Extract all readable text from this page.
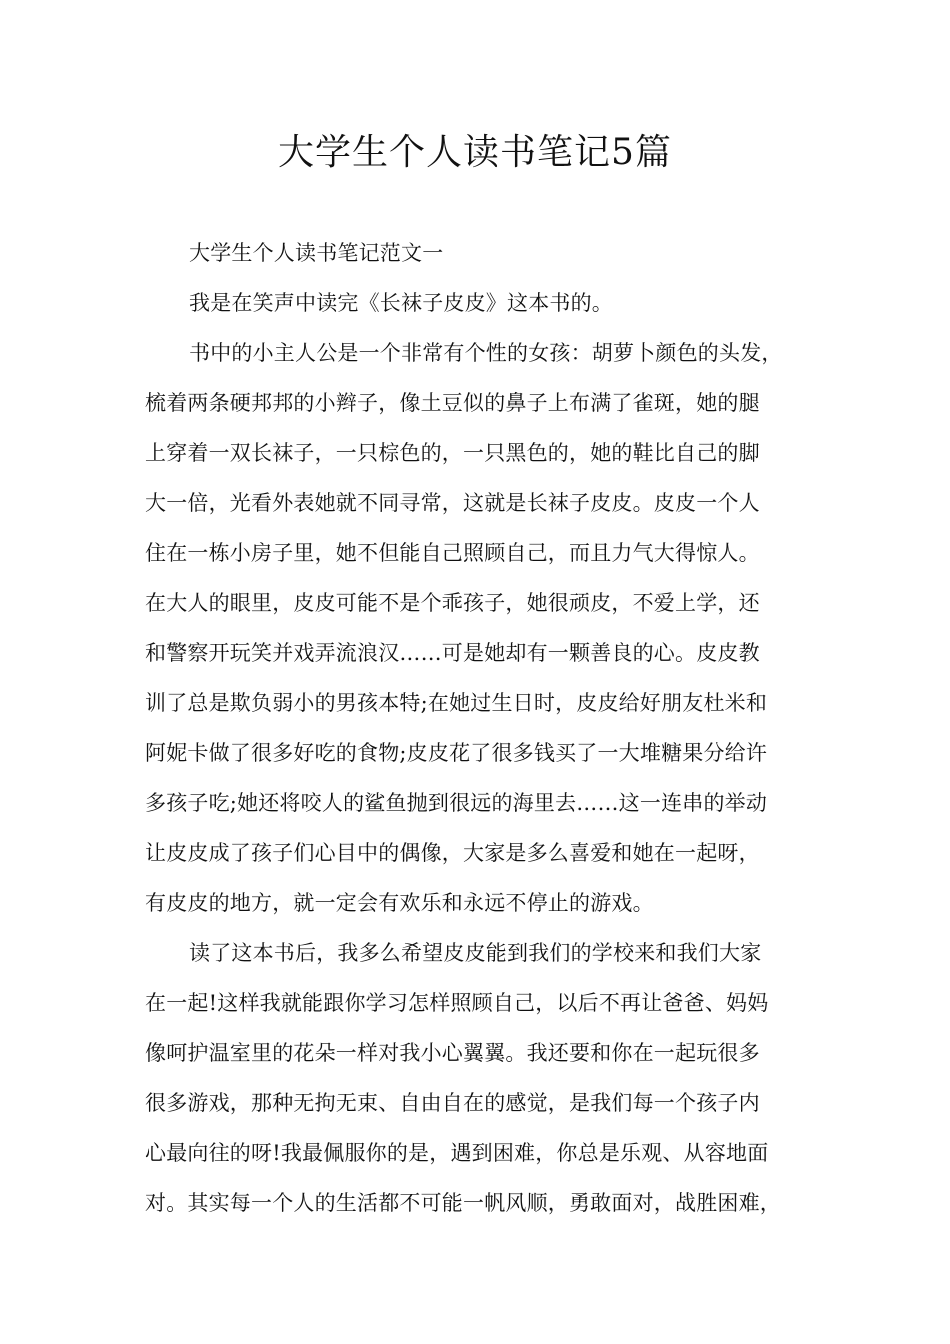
大学生个人读书笔记5篇
大学生个人读书笔记范文一
我是在笑声中读完《长袜子皮皮》这本书的。
书中的小主人公是一个非常有个性的女孩：胡萝卜颜色的头发，
梳着两条硬邦邦的小辫子，像土豆似的鼻子上布满了雀斑，她的腿
上穿着一双长袜子，一只棕色的，一只黑色的，她的鞋比自己的脚
大一倍，光看外表她就不同寻常，这就是长袜子皮皮。皮皮一个人
住在一栋小房子里，她不但能自己照顾自己，而且力气大得惊人。
在大人的眼里，皮皮可能不是个乖孩子，她很顽皮，不爱上学，还
和警察开玩笑并戏弄流浪汉……可是她却有一颗善良的心。皮皮教
训了总是欺负弱小的男孩本特;在她过生日时，皮皮给好朋友杜米和
阿妮卡做了很多好吃的食物;皮皮花了很多钱买了一大堆糖果分给许
多孩子吃;她还将咬人的鲨鱼抛到很远的海里去……这一连串的举动
让皮皮成了孩子们心目中的偶像，大家是多么喜爱和她在一起呀，
有皮皮的地方，就一定会有欢乐和永远不停止的游戏。
读了这本书后，我多么希望皮皮能到我们的学校来和我们大家
在一起!这样我就能跟你学习怎样照顾自己，以后不再让爸爸、妈妈
像呵护温室里的花朵一样对我小心翼翼。我还要和你在一起玩很多
很多游戏，那种无拘无束、自由自在的感觉，是我们每一个孩子内
心最向往的呀!我最佩服你的是，遇到困难，你总是乐观、从容地面
对。其实每一个人的生活都不可能一帆风顺，勇敢面对，战胜困难，
